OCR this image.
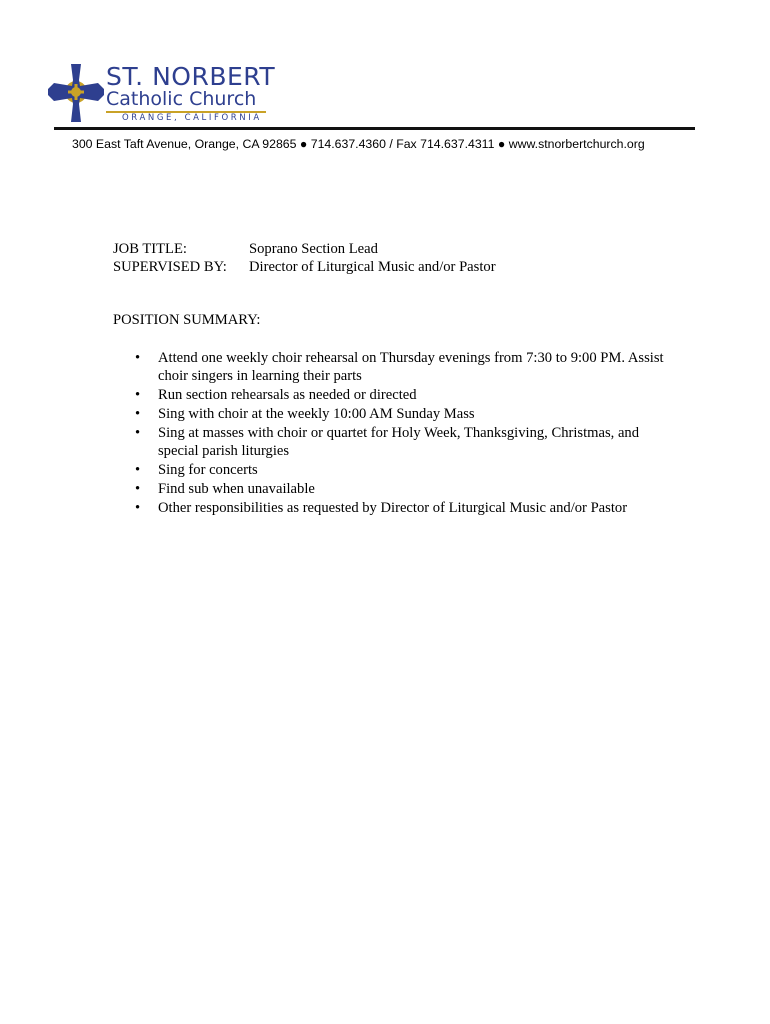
ST. NORBERT
Catholic Church
ORANGE, CALIFORNIA
300 East Taft Avenue, Orange, CA 92865 ● 714.637.4360 / Fax 714.637.4311 ● www.stnorbertchurch.org
JOB TITLE:	Soprano Section Lead
SUPERVISED BY: Director of Liturgical Music and/or Pastor
POSITION SUMMARY:
• Attend one weekly choir rehearsal on Thursday evenings from 7:30 to 9:00 PM. Assist choir singers in learning their parts
• Run section rehearsals as needed or directed
• Sing with choir at the weekly 10:00 AM Sunday Mass
• Sing at masses with choir or quartet for Holy Week, Thanksgiving, Christmas, and special parish liturgies
• Sing for concerts
• Find sub when unavailable
• Other responsibilities as requested by Director of Liturgical Music and/or Pastor
